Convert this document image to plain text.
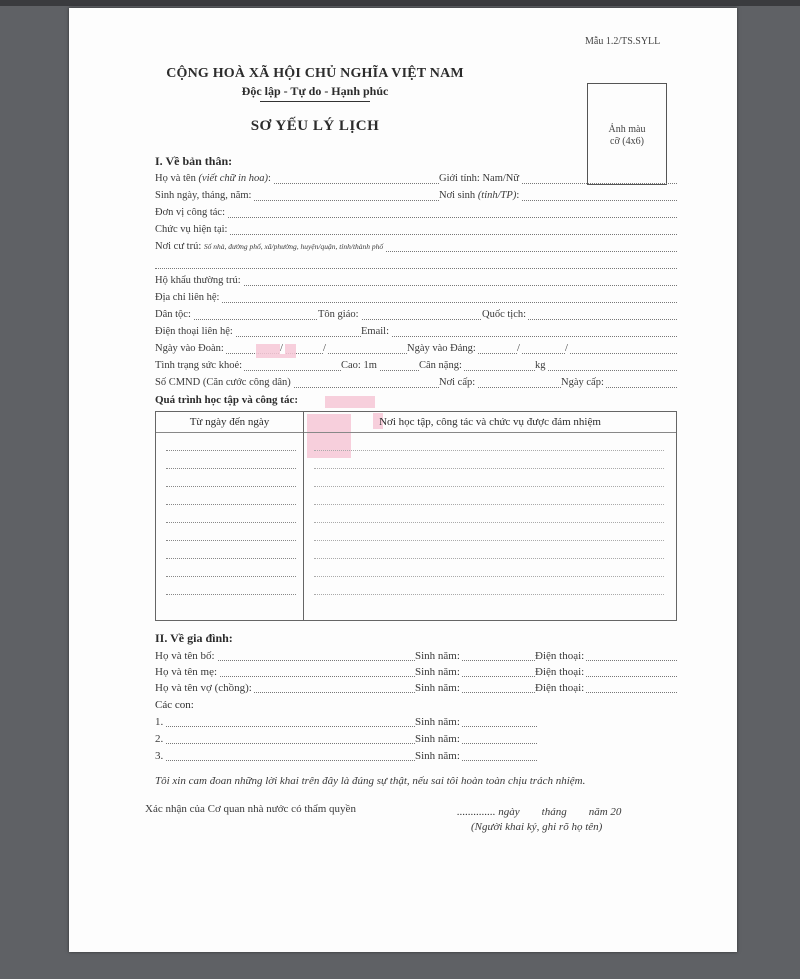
Mẫu 1.2/TS.SYLL
CỘNG HOÀ XÃ HỘI CHỦ NGHĨA VIỆT NAM
Độc lập - Tự do - Hạnh phúc
SƠ YẾU LÝ LỊCH	Ảnh màu
cỡ (4x6)
I. Về bản thân:
Họ và tên (viết chữ in hoa):	Giới tính: Nam/Nữ
Sinh ngày, tháng, năm:	Nơi sinh (tỉnh/TP):
Đơn vị công tác:
Chức vụ hiện tại:
Nơi cư trú: Số nhà, đường phố, xã/phường, huyện/quận, tỉnh/thành phố
Hộ khẩu thường trú:
Địa chỉ liên hệ:
Dân tộc:	Tôn giáo:	Quốc tịch:
Điện thoại liên hệ:	Email:
Ngày vào Đoàn:	/	/	Ngày vào Đảng:	/	/
Tình trạng sức khoẻ:	Cao: 1m	Cân nặng:	kg
Số CMND (Căn cước công dân)	Nơi cấp:	Ngày cấp:
Quá trình học tập và công tác:
Từ ngày đến ngày	Nơi học tập, công tác và chức vụ được đảm nhiệm
II. Về gia đình:
Họ và tên bố:	Sinh năm:	Điện thoại:
Họ và tên mẹ:	Sinh năm:	Điện thoại:
Họ và tên vợ (chồng):	Sinh năm:	Điện thoại:
Các con:
1.	Sinh năm:
2.	Sinh năm:
3.	Sinh năm:
Tôi xin cam đoan những lời khai trên đây là đúng sự thật, nếu sai tôi hoàn toàn chịu trách nhiệm.
Xác nhận của Cơ quan nhà nước có thẩm quyền	.............. ngày tháng năm 20
(Người khai ký, ghi rõ họ tên)
